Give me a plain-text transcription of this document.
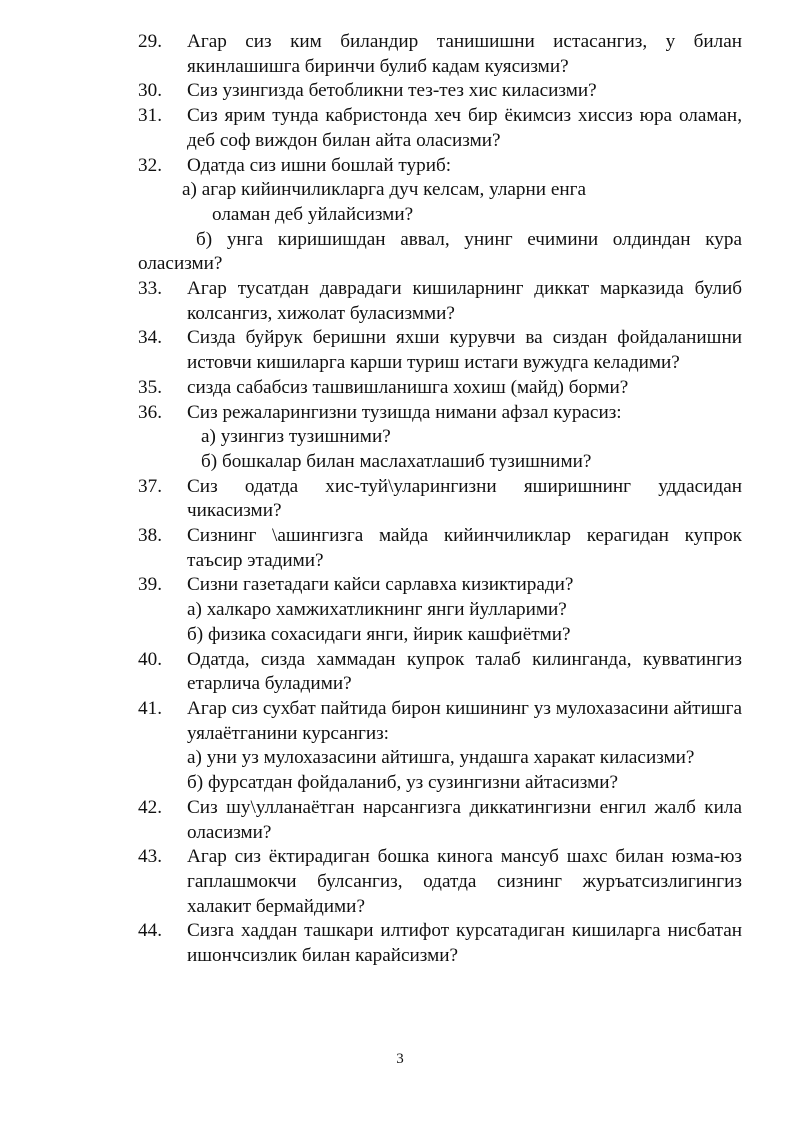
29.	Агар сиз ким биландир танишишни истасангиз, у билан якинлашишга биринчи булиб кадам куясизми?
30.	Сиз узингизда бетобликни тез-тез хис киласизми?
31.	Сиз ярим тунда кабристонда хеч бир ёкимсиз хиссиз юра оламан, деб соф виждон билан айта оласизми?
32.	Одатда сиз ишни бошлай туриб:
а) агар кийинчиликларга дуч келсам, уларни енга
оламан деб уйлайсизми?
б) унга киришишдан аввал, унинг ечимини олдиндан кура оласизми?
33.	Агар тусатдан даврадаги кишиларнинг диккат марказида булиб колсангиз, хижолат буласизмми?
34.	Сизда буйрук беришни яхши курувчи ва сиздан фойдаланишни истовчи кишиларга карши туриш истаги вужудга келадими?
35.	сизда сабабсиз ташвишланишга хохиш (майд) борми?
36.	Сиз режаларингизни тузишда нимани афзал курасиз:
а) узингиз тузишними?
б) бошкалар билан маслахатлашиб тузишними?
37.	Сиз одатда хис-туй\уларингизни яширишнинг уддасидан чикасизми?
38.	Сизнинг \ашингизга майда кийинчиликлар керагидан купрок таъсир этадими?
39.	Сизни газетадаги кайси сарлавха кизиктиради?
а) халкаро хамжихатликнинг янги йулларими?
б) физика сохасидаги янги, йирик кашфиётми?
40.	Одатда, сизда хаммадан купрок талаб килинганда, кувватингиз етарлича буладими?
41.	Агар сиз сухбат пайтида бирон кишининг уз мулохазасини айтишга уялаётганини курсангиз:
а) уни уз мулохазасини айтишга, ундашга харакат киласизми?
б) фурсатдан фойдаланиб, уз сузингизни айтасизми?
42.	Сиз шу\улланаётган нарсангизга диккатингизни енгил жалб кила оласизми?
43.	Агар сиз ёктирадиган бошка кинога мансуб шахс билан юзма-юз гаплашмокчи булсангиз, одатда сизнинг журъатсизлигингиз халакит бермайдими?
44.	Сизга хаддан ташкари илтифот курсатадиган кишиларга нисбатан ишончсизлик билан карайсизми?
3
